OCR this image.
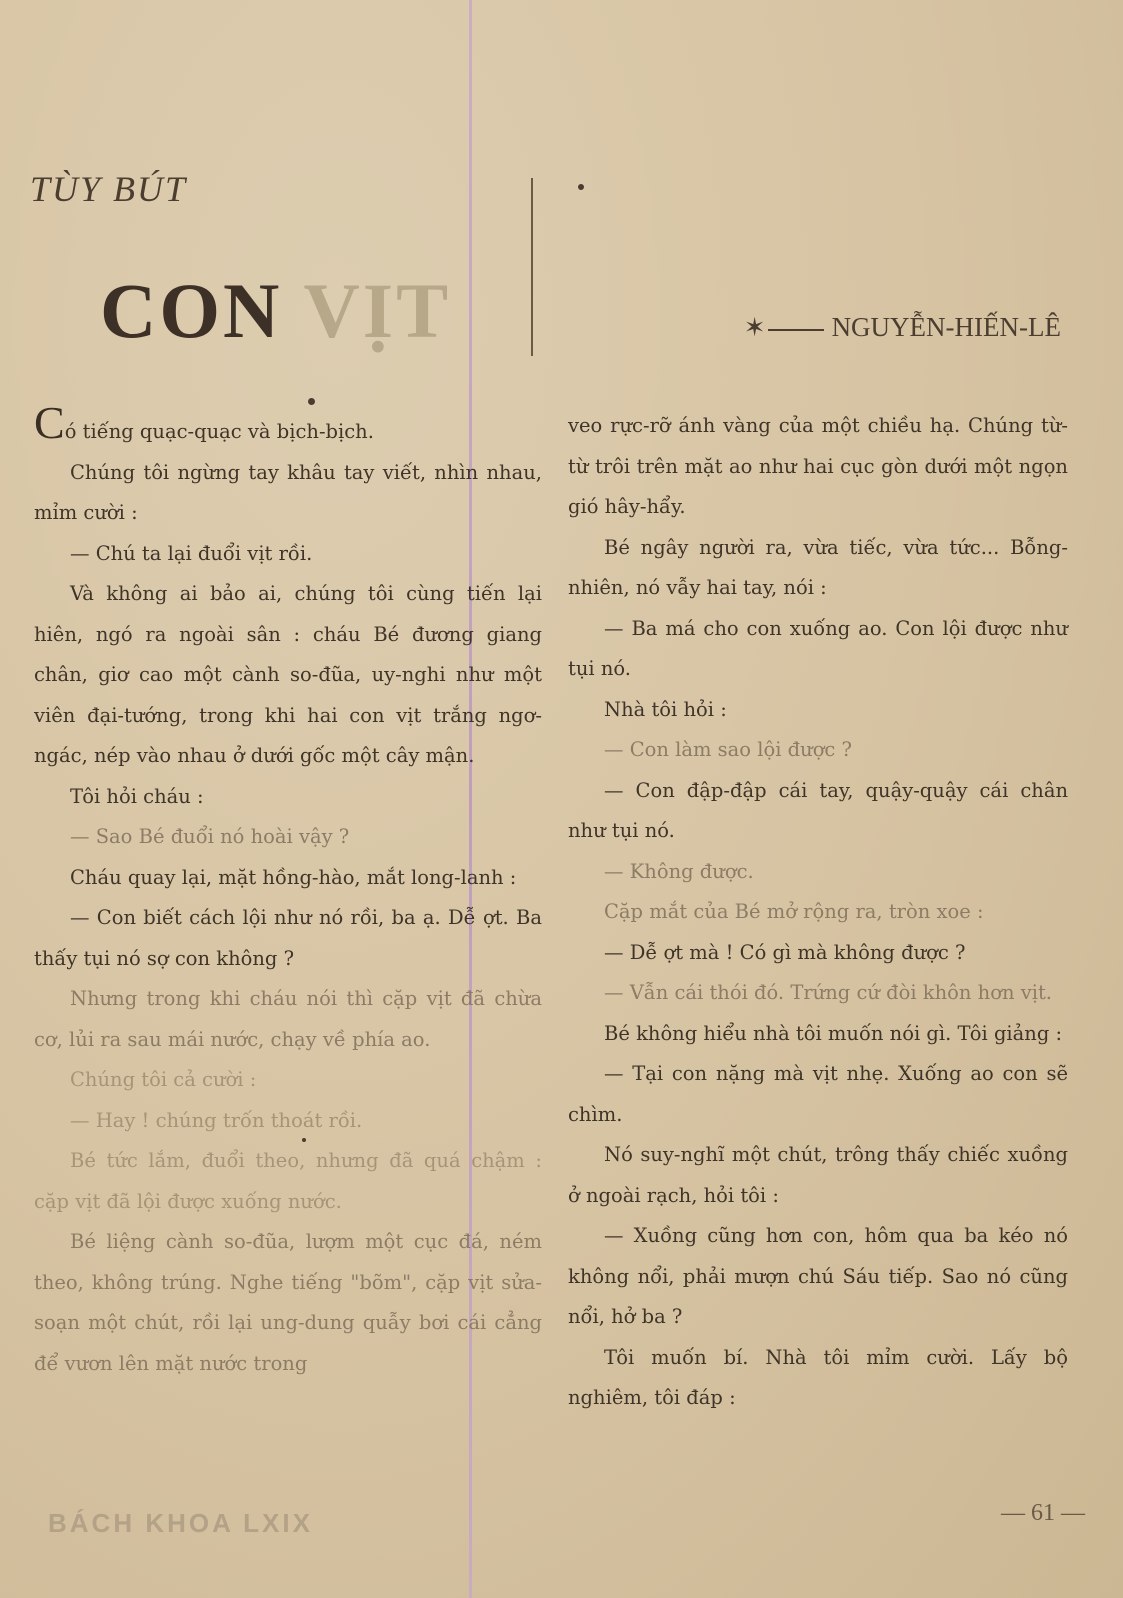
TÙY BÚT
CON VỊT	✶ NGUYỄN-HIẾN-LÊ

Có tiếng quạc-quạc và bịch-bịch.

Chúng tôi ngừng tay khâu tay viết, nhìn nhau, mỉm cười :

— Chú ta lại đuổi vịt rồi.

Và không ai bảo ai, chúng tôi cùng tiến lại hiên, ngó ra ngoài sân : cháu Bé đương giang chân, giơ cao một cành so-đũa, uy-nghi như một viên đại-tướng, trong khi hai con vịt trắng ngơ-ngác, nép vào nhau ở dưới gốc một cây mận.

Tôi hỏi cháu :

— Sao Bé đuổi nó hoài vậy ?

Cháu quay lại, mặt hồng-hào, mắt long-lanh :

— Con biết cách lội như nó rồi, ba ạ. Dễ ợt. Ba thấy tụi nó sợ con không ?

Nhưng trong khi cháu nói thì cặp vịt đã chừa cơ, lủi ra sau mái nước, chạy về phía ao.

Chúng tôi cả cười :

— Hay ! chúng trốn thoát rồi.

Bé tức lắm, đuổi theo, nhưng đã quá chậm : cặp vịt đã lội được xuống nước.

Bé liệng cành so-đũa, lượm một cục đá, ném theo, không trúng. Nghe tiếng "bõm", cặp vịt sửa-soạn một chút, rồi lại ung-dung quẫy bơi cái cẳng để vươn lên mặt nước trong

veo rực-rỡ ánh vàng của một chiều hạ. Chúng từ-từ trôi trên mặt ao như hai cục gòn dưới một ngọn gió hây-hẩy.

Bé ngây người ra, vừa tiếc, vừa tức... Bỗng-nhiên, nó vẫy hai tay, nói :

— Ba má cho con xuống ao. Con lội được như tụi nó.

Nhà tôi hỏi :

— Con làm sao lội được ?

— Con đập-đập cái tay, quậy-quậy cái chân như tụi nó.

— Không được.

Cặp mắt của Bé mở rộng ra, tròn xoe :

— Dễ ợt mà ! Có gì mà không được ?

— Vẫn cái thói đó. Trứng cứ đòi khôn hơn vịt.

Bé không hiểu nhà tôi muốn nói gì. Tôi giảng :

— Tại con nặng mà vịt nhẹ. Xuống ao con sẽ chìm.

Nó suy-nghĩ một chút, trông thấy chiếc xuồng ở ngoài rạch, hỏi tôi :

— Xuồng cũng hơn con, hôm qua ba kéo nó không nổi, phải mượn chú Sáu tiếp. Sao nó cũng nổi, hở ba ?

Tôi muốn bí. Nhà tôi mỉm cười. Lấy bộ nghiêm, tôi đáp :

BÁCH KHOA LXIX	— 61 —
